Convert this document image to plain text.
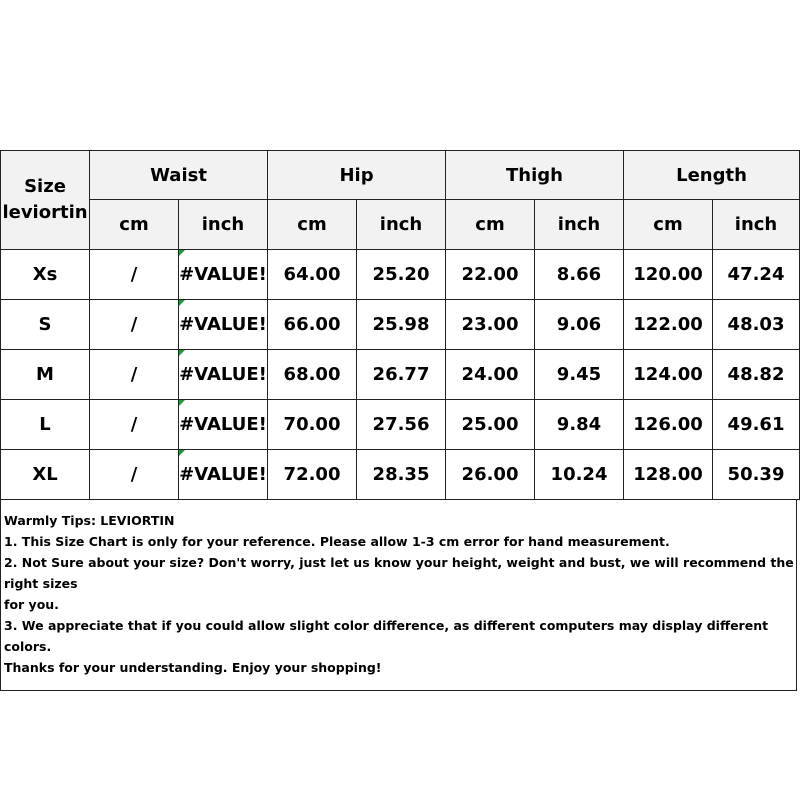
Size
leviortin	Waist		Hip		Thigh		Length	
	cm	inch	cm	inch	cm	inch	cm	inch
Xs	/	#VALUE!	64.00	25.20	22.00	8.66	120.00	47.24
S	/	#VALUE!	66.00	25.98	23.00	9.06	122.00	48.03
M	/	#VALUE!	68.00	26.77	24.00	9.45	124.00	48.82
L	/	#VALUE!	70.00	27.56	25.00	9.84	126.00	49.61
XL	/	#VALUE!	72.00	28.35	26.00	10.24	128.00	50.39
Warmly Tips: LEVIORTIN
1. This Size Chart is only for your reference. Please allow 1-3 cm error for hand measurement.
2. Not Sure about your size? Don't worry, just let us know your height, weight and bust, we will recommend the right sizes
for you.
3. We appreciate that if you could allow slight color difference, as different computers may display different colors.
Thanks for your understanding. Enjoy your shopping!
